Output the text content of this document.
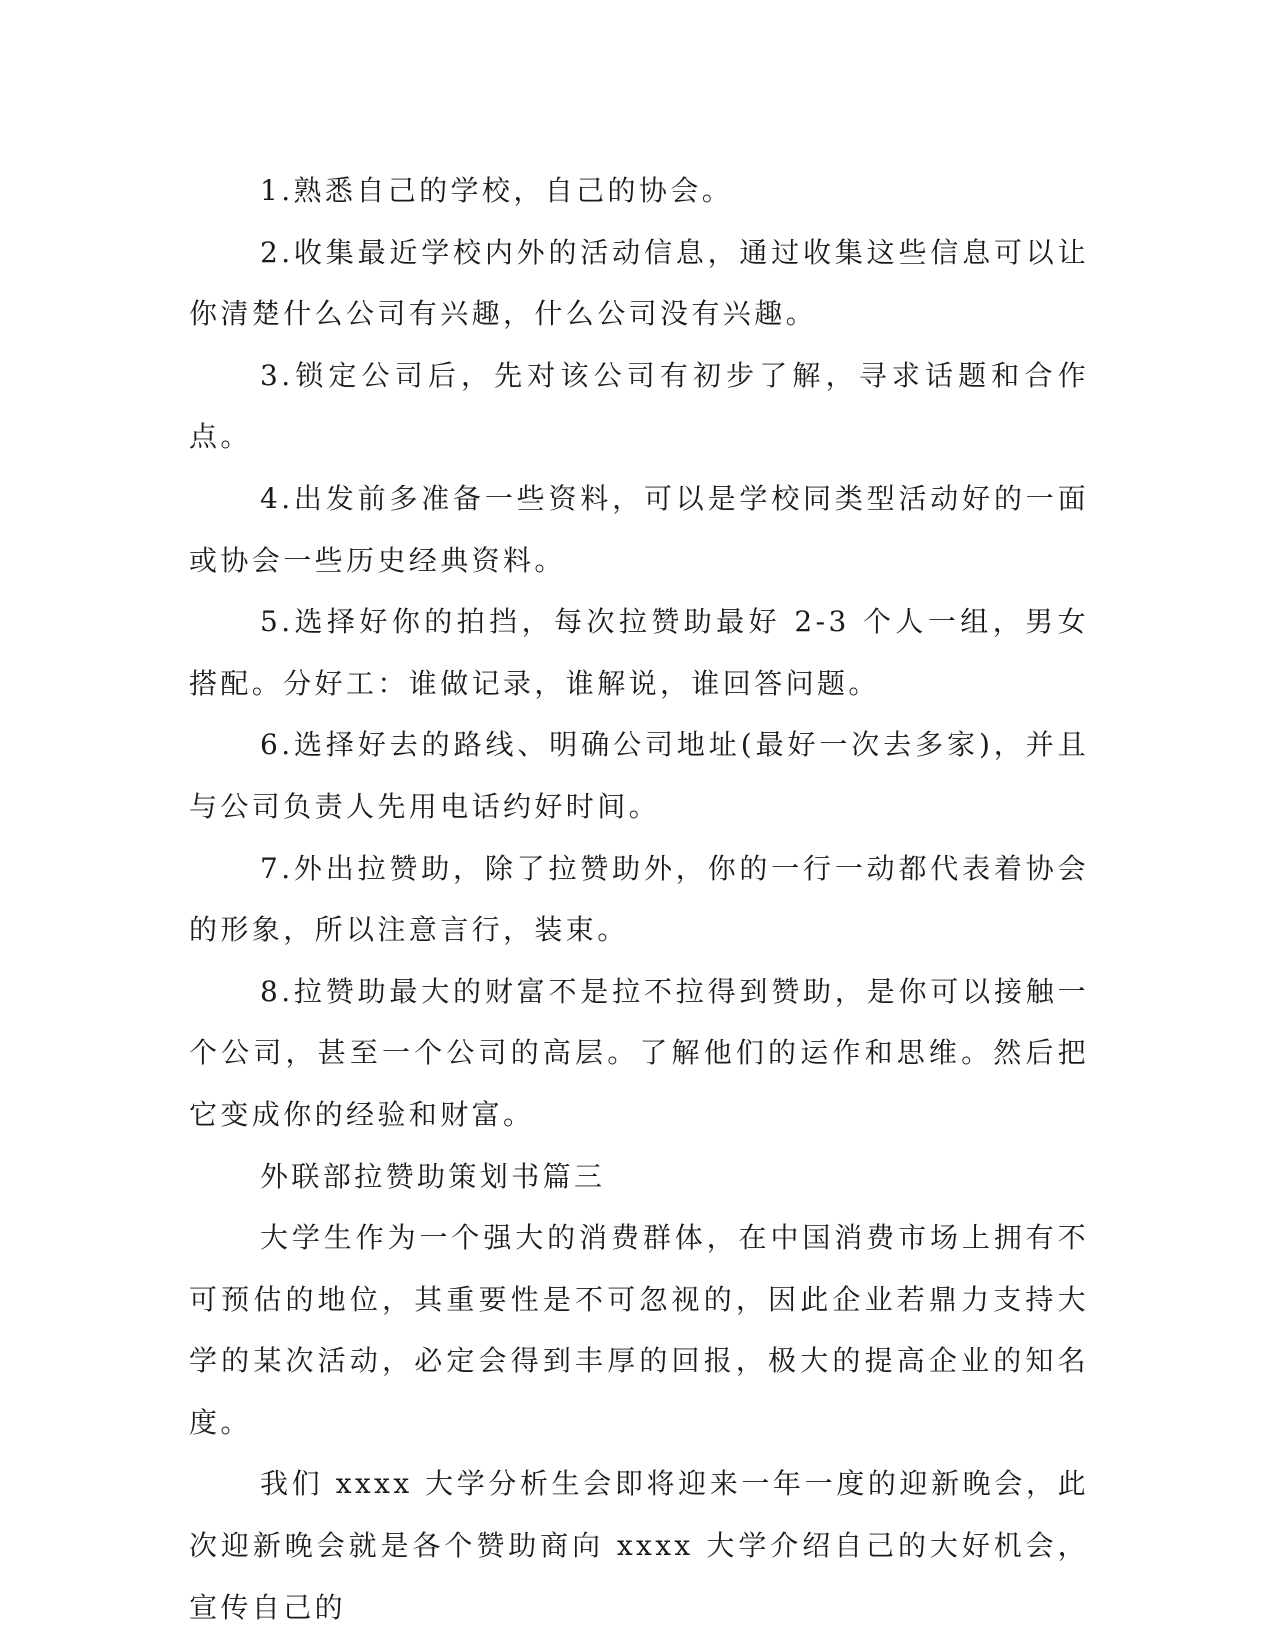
1.熟悉自己的学校，自己的协会。

2.收集最近学校内外的活动信息，通过收集这些信息可以让你清楚什么公司有兴趣，什么公司没有兴趣。

3.锁定公司后，先对该公司有初步了解，寻求话题和合作点。

4.出发前多准备一些资料，可以是学校同类型活动好的一面或协会一些历史经典资料。

5.选择好你的拍挡，每次拉赞助最好 2-3 个人一组，男女搭配。分好工：谁做记录，谁解说，谁回答问题。

6.选择好去的路线、明确公司地址(最好一次去多家)，并且与公司负责人先用电话约好时间。

7.外出拉赞助，除了拉赞助外，你的一行一动都代表着协会的形象，所以注意言行，装束。

8.拉赞助最大的财富不是拉不拉得到赞助，是你可以接触一个公司，甚至一个公司的高层。了解他们的运作和思维。然后把它变成你的经验和财富。

外联部拉赞助策划书篇三

大学生作为一个强大的消费群体，在中国消费市场上拥有不可预估的地位，其重要性是不可忽视的，因此企业若鼎力支持大学的某次活动，必定会得到丰厚的回报，极大的提高企业的知名度。

我们 xxxx 大学分析生会即将迎来一年一度的迎新晚会，此次迎新晚会就是各个赞助商向 xxxx 大学介绍自己的大好机会，宣传自己的
